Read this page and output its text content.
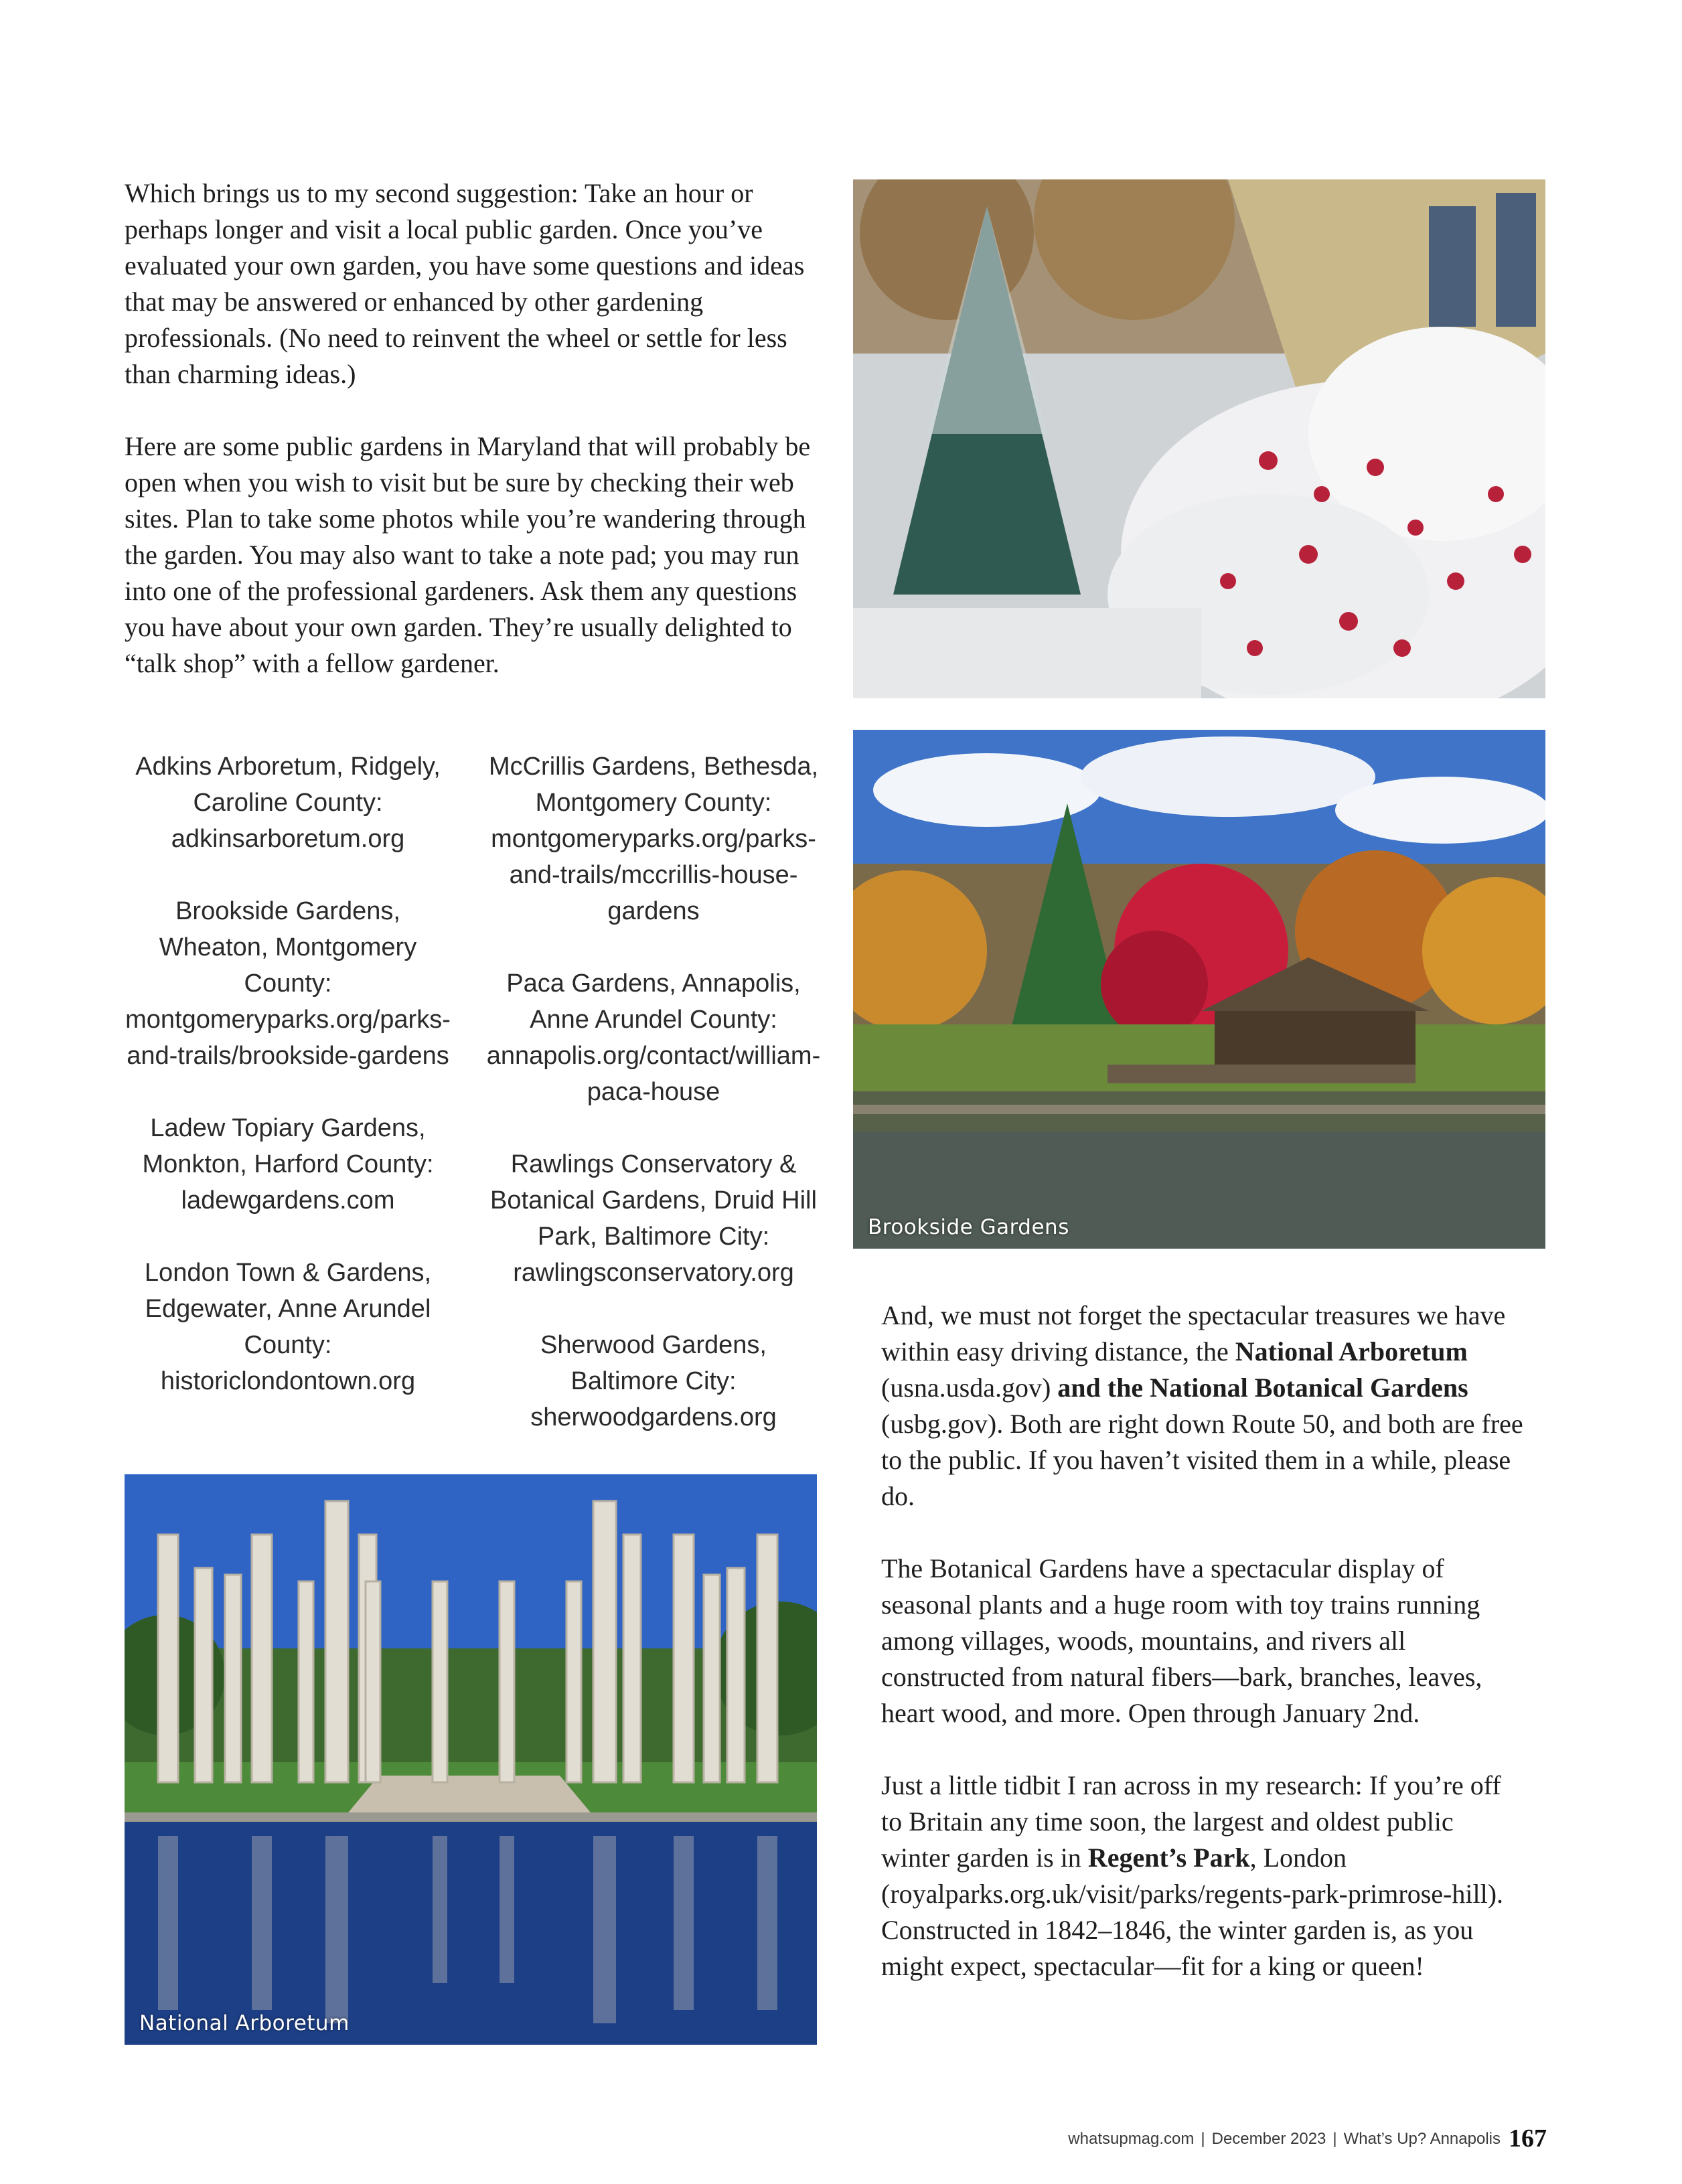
Which brings us to my second suggestion: Take an hour or perhaps longer and visit a local public garden. Once you’ve evaluated your own garden, you have some questions and ideas that may be answered or enhanced by other gardening professionals. (No need to reinvent the wheel or settle for less than charming ideas.)

Here are some public gardens in Maryland that will probably be open when you wish to visit but be sure by checking their web sites. Plan to take some photos while you’re wandering through the garden. You may also want to take a note pad; you may run into one of the professional gardeners. Ask them any questions you have about your own garden. They’re usually delighted to “talk shop” with a fellow gardener.

Adkins Arboretum, Ridgely, Caroline County: adkinsarboretum.org

Brookside Gardens, Wheaton, Montgomery County: montgomeryparks.org/parks-and-trails/brookside-gardens

Ladew Topiary Gardens, Monkton, Harford County: ladewgardens.com

London Town & Gardens, Edgewater, Anne Arundel County: historiclondontown.org

McCrillis Gardens, Bethesda, Montgomery County: montgomeryparks.org/parks-and-trails/mccrillis-house-gardens

Paca Gardens, Annapolis, Anne Arundel County: annapolis.org/contact/william-paca-house

Rawlings Conservatory & Botanical Gardens, Druid Hill Park, Baltimore City: rawlingsconservatory.org

Sherwood Gardens, Baltimore City: sherwoodgardens.org

Brookside Gardens
National Arboretum

And, we must not forget the spectacular treasures we have within easy driving distance, the National Arboretum (usna.usda.gov) and the National Botanical Gardens (usbg.gov). Both are right down Route 50, and both are free to the public. If you haven’t visited them in a while, please do.

The Botanical Gardens have a spectacular display of seasonal plants and a huge room with toy trains running among villages, woods, mountains, and rivers all constructed from natural fibers—bark, branches, leaves, heart wood, and more. Open through January 2nd.

Just a little tidbit I ran across in my research: If you’re off to Britain any time soon, the largest and oldest public winter garden is in Regent’s Park, London (royalparks.org.uk/visit/parks/regents-park-primrose-hill). Constructed in 1842–1846, the winter garden is, as you might expect, spectacular—fit for a king or queen!

whatsupmag.com | December 2023 | What’s Up? Annapolis 167
